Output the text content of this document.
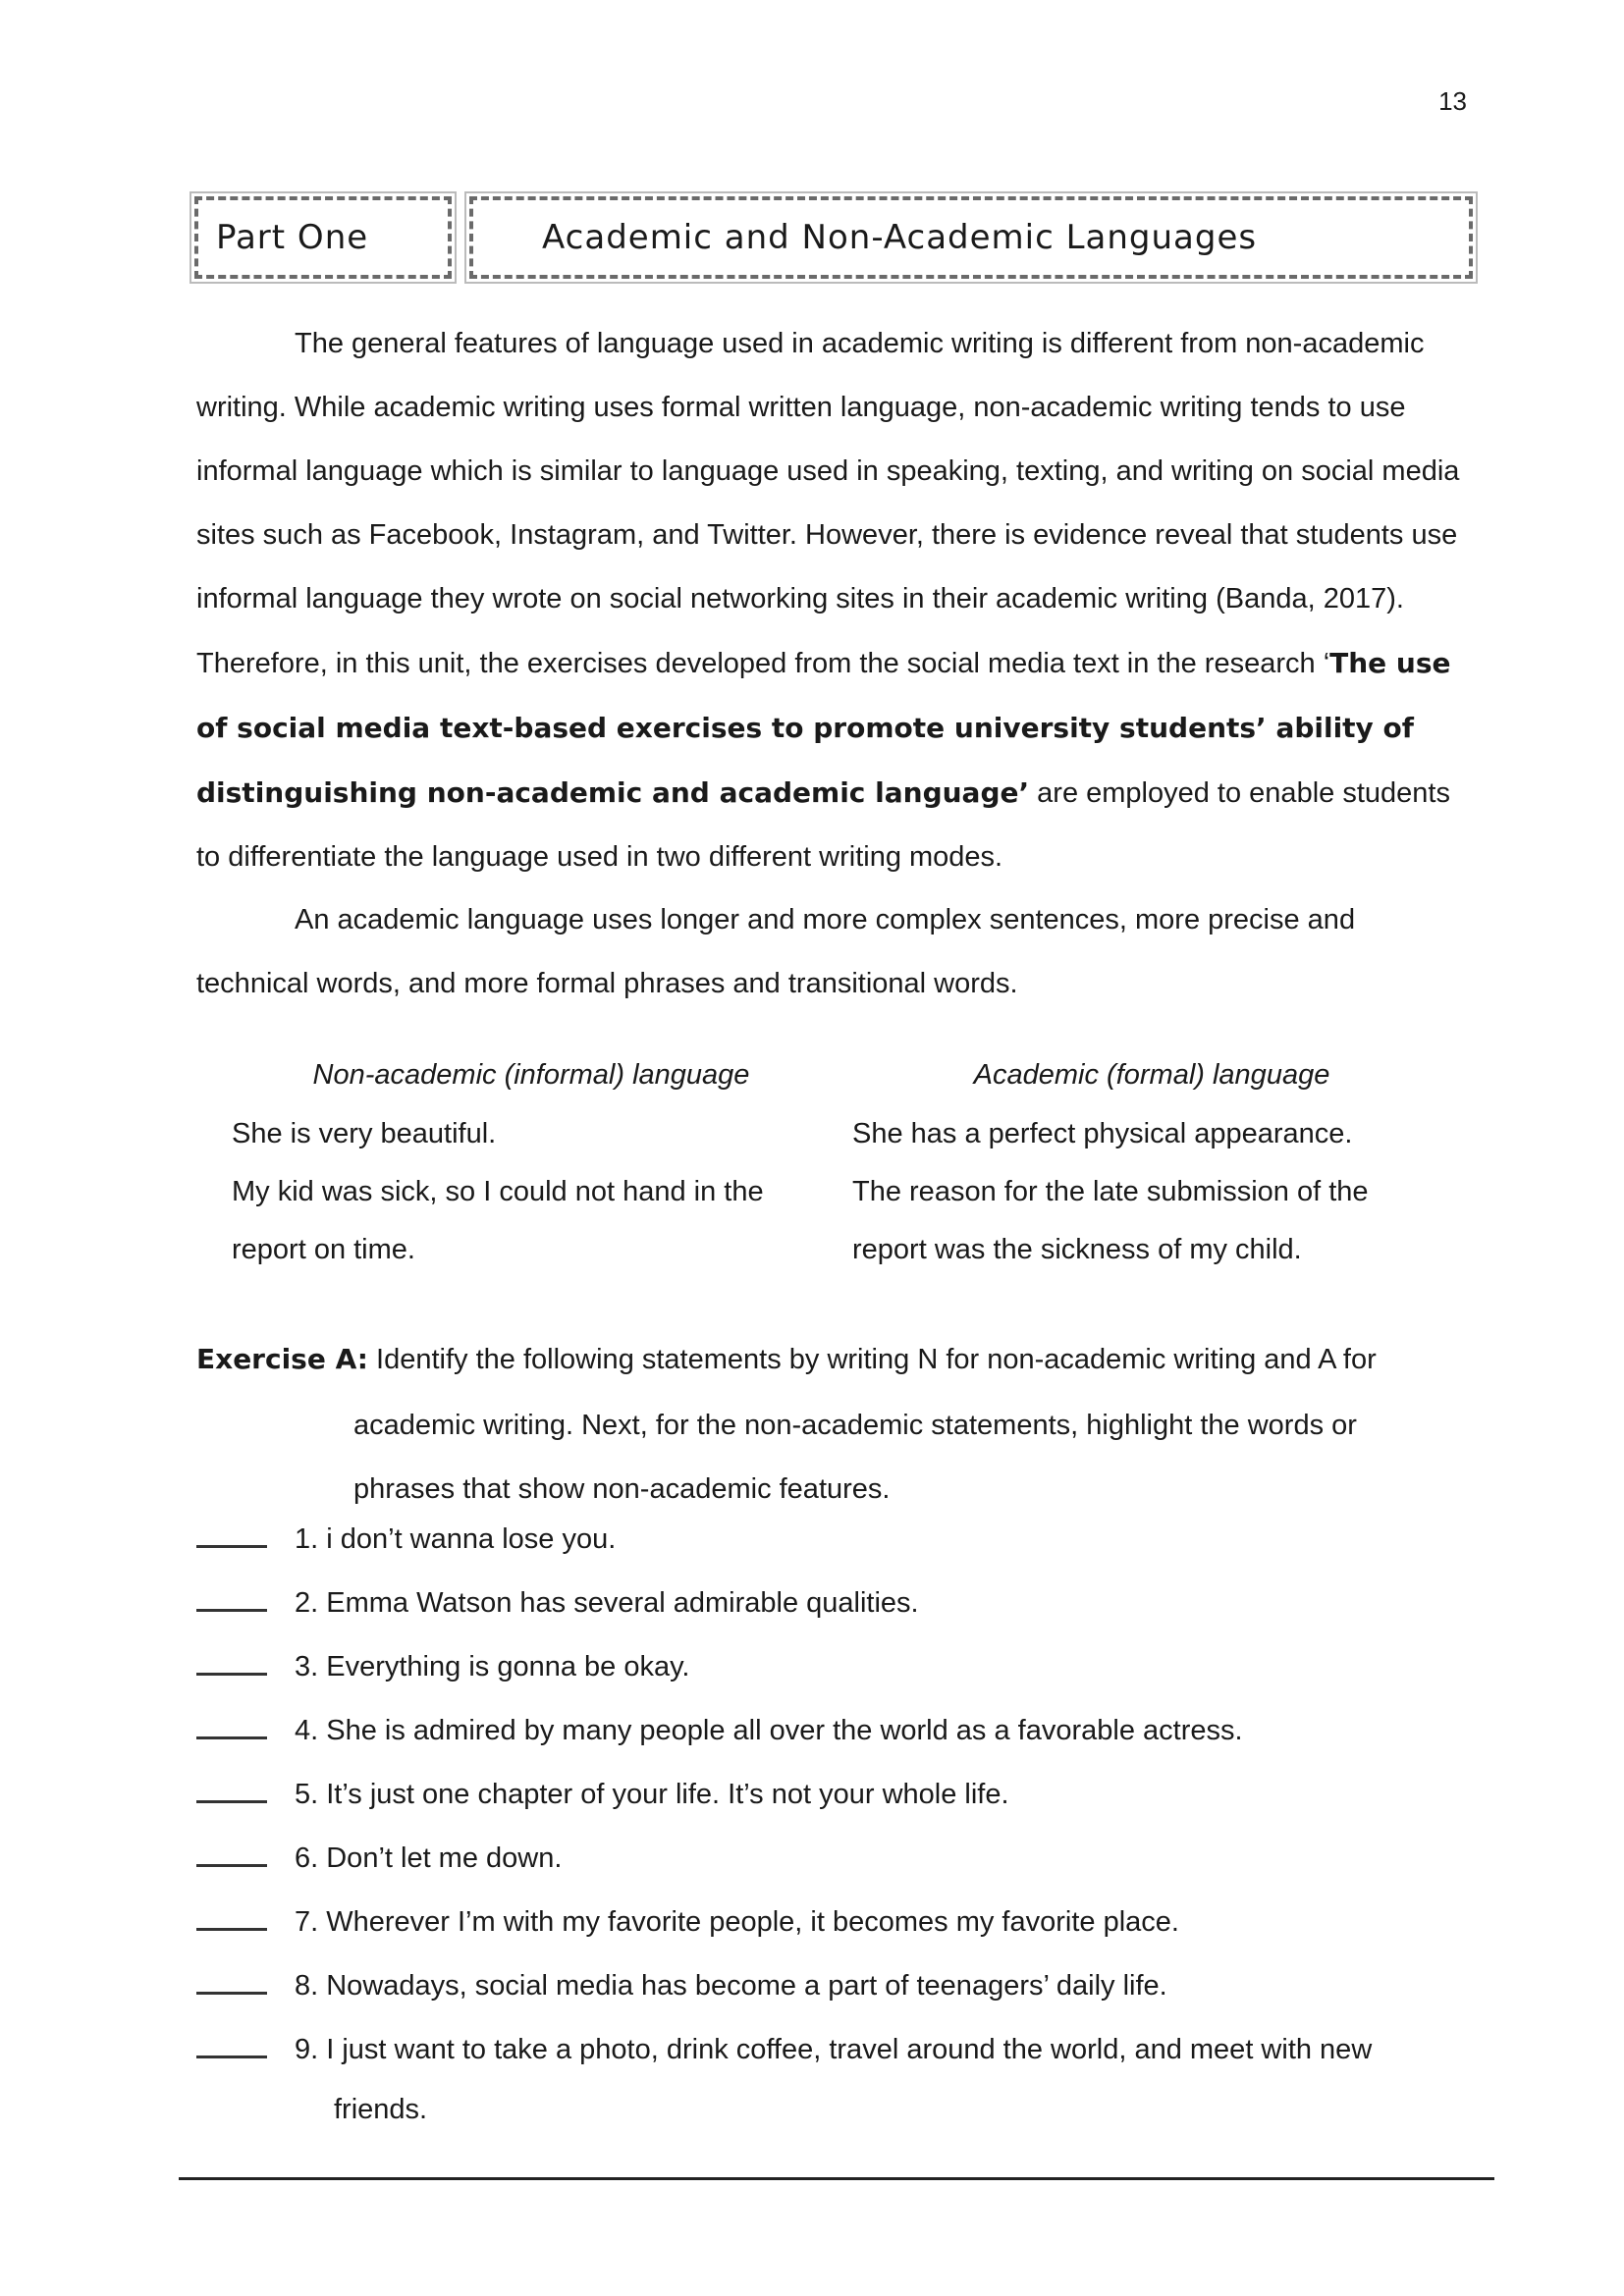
13
Part One	Academic and Non-Academic Languages

The general features of language used in academic writing is different from non-academic writing. While academic writing uses formal written language, non-academic writing tends to use informal language which is similar to language used in speaking, texting, and writing on social media sites such as Facebook, Instagram, and Twitter. However, there is evidence reveal that students use informal language they wrote on social networking sites in their academic writing (Banda, 2017). Therefore, in this unit, the exercises developed from the social media text in the research ‘The use of social media text-based exercises to promote university students’ ability of distinguishing non-academic and academic language’ are employed to enable students to differentiate the language used in two different writing modes.

An academic language uses longer and more complex sentences, more precise and technical words, and more formal phrases and transitional words.

Non-academic (informal) language	Academic (formal) language
She is very beautiful.	She has a perfect physical appearance.
My kid was sick, so I could not hand in the	The reason for the late submission of the
report on time.	report was the sickness of my child.
Exercise A: Identify the following statements by writing N for non-academic writing and A for
academic writing. Next, for the non-academic statements, highlight the words or
phrases that show non-academic features.
1. i don’t wanna lose you.
2. Emma Watson has several admirable qualities.
3. Everything is gonna be okay.
4. She is admired by many people all over the world as a favorable actress.
5. It’s just one chapter of your life. It’s not your whole life.
6. Don’t let me down.
7. Wherever I’m with my favorite people, it becomes my favorite place.
8. Nowadays, social media has become a part of teenagers’ daily life.
9. I just want to take a photo, drink coffee, travel around the world, and meet with new
friends.
